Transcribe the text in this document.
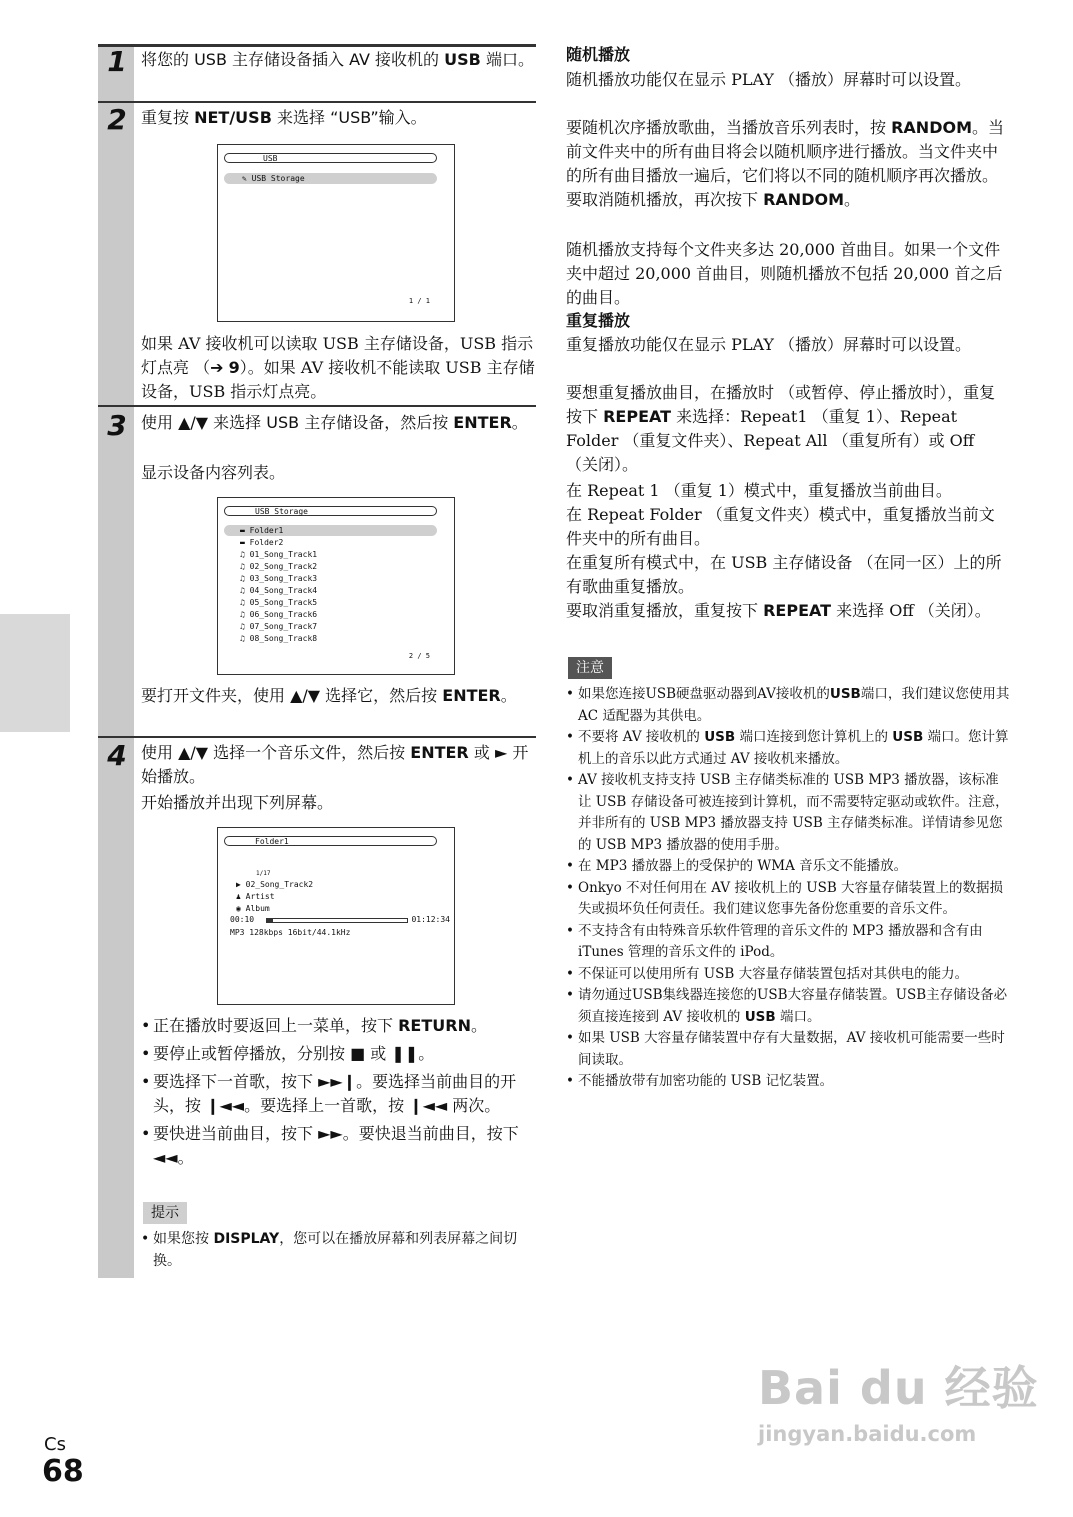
1 将您的 USB 主存储设备插入 AV 接收机的 USB 端口。
2 重复按 NET/USB 来选择 “USB”输入。
USB
✎ USB Storage
1 / 1
如果 AV 接收机可以读取 USB 主存储设备，USB 指示灯点亮 （➔ 9）。如果 AV 接收机不能读取 USB 主存储设备，USB 指示灯点亮。
3 使用 ▲/▼ 来选择 USB 主存储设备，然后按 ENTER。
显示设备内容列表。
USB Storage
▬ Folder1
▬ Folder2
♫ 01_Song_Track1
♫ 02_Song_Track2
♫ 03_Song_Track3
♫ 04_Song_Track4
♫ 05_Song_Track5
♫ 06_Song_Track6
♫ 07_Song_Track7
♫ 08_Song_Track8
2 / 5
要打开文件夹，使用 ▲/▼ 选择它，然后按 ENTER。
4 使用 ▲/▼ 选择一个音乐文件，然后按 ENTER 或 ► 开始播放。
开始播放并出现下列屏幕。
Folder1
1/17
▶ 02_Song_Track2
♟ Artist
◉ Album
00:10	01:12:34
MP3 128kbps 16bit/44.1kHz
• 正在播放时要返回上一菜单，按下 RETURN。
• 要停止或暂停播放，分别按 ■ 或 ❚❚。
• 要选择下一首歌，按下 ►►❙。要选择当前曲目的开头，按 ❙◄◄。要选择上一首歌，按 ❙◄◄ 两次。
• 要快进当前曲目，按下 ►►。要快退当前曲目，按下 ◄◄。
提示
• 如果您按 DISPLAY，您可以在播放屏幕和列表屏幕之间切换。
随机播放
随机播放功能仅在显示 PLAY （播放）屏幕时可以设置。
要随机次序播放歌曲，当播放音乐列表时，按 RANDOM。当前文件夹中的所有曲目将会以随机顺序进行播放。当文件夹中的所有曲目播放一遍后，它们将以不同的随机顺序再次播放。要取消随机播放，再次按下 RANDOM。
随机播放支持每个文件夹多达 20,000 首曲目。如果一个文件夹中超过 20,000 首曲目，则随机播放不包括 20,000 首之后的曲目。
重复播放
重复播放功能仅在显示 PLAY （播放）屏幕时可以设置。
要想重复播放曲目，在播放时 （或暂停、停止播放时），重复按下 REPEAT 来选择：Repeat1 （重复 1）、Repeat Folder （重复文件夹）、Repeat All （重复所有）或 Off （关闭）。
在 Repeat 1 （重复 1）模式中，重复播放当前曲目。
在 Repeat Folder （重复文件夹）模式中，重复播放当前文件夹中的所有曲目。
在重复所有模式中，在 USB 主存储设备 （在同一区）上的所有歌曲重复播放。
要取消重复播放，重复按下 REPEAT 来选择 Off （关闭）。
注意
• 如果您连接USB硬盘驱动器到AV接收机的USB端口，我们建议您使用其 AC 适配器为其供电。
• 不要将 AV 接收机的 USB 端口连接到您计算机上的 USB 端口。您计算机上的音乐以此方式通过 AV 接收机来播放。
• AV 接收机支持支持 USB 主存储类标准的 USB MP3 播放器，该标准让 USB 存储设备可被连接到计算机，而不需要特定驱动或软件。注意，并非所有的 USB MP3 播放器支持 USB 主存储类标准。详情请参见您的 USB MP3 播放器的使用手册。
• 在 MP3 播放器上的受保护的 WMA 音乐文不能播放。
• Onkyo 不对任何用在 AV 接收机上的 USB 大容量存储装置上的数据损失或损坏负任何责任。我们建议您事先备份您重要的音乐文件。
• 不支持含有由特殊音乐软件管理的音乐文件的 MP3 播放器和含有由 iTunes 管理的音乐文件的 iPod。
• 不保证可以使用所有 USB 大容量存储装置包括对其供电的能力。
• 请勿通过USB集线器连接您的USB大容量存储装置。USB主存储设备必须直接连接到 AV 接收机的 USB 端口。
• 如果 USB 大容量存储装置中存有大量数据，AV 接收机可能需要一些时间读取。
• 不能播放带有加密功能的 USB 记忆装置。
Cs
68
Bai du 经验
jingyan.baidu.com
